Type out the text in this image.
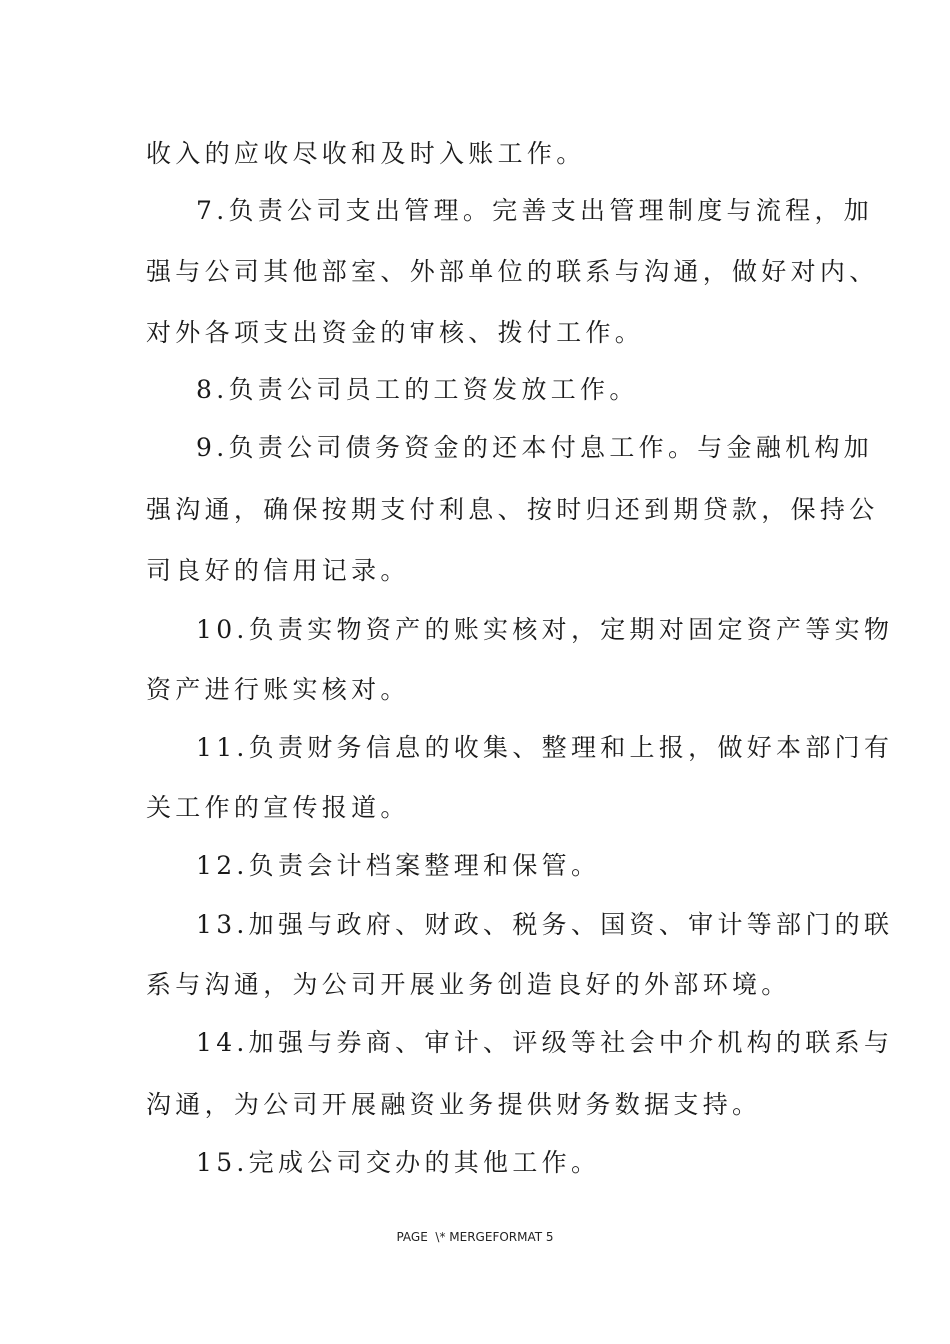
收入的应收尽收和及时入账工作。
7.负责公司支出管理。完善支出管理制度与流程，加
强与公司其他部室、外部单位的联系与沟通，做好对内、
对外各项支出资金的审核、拨付工作。
8.负责公司员工的工资发放工作。
9.负责公司债务资金的还本付息工作。与金融机构加
强沟通，确保按期支付利息、按时归还到期贷款，保持公
司良好的信用记录。
10.负责实物资产的账实核对，定期对固定资产等实物
资产进行账实核对。
11.负责财务信息的收集、整理和上报，做好本部门有
关工作的宣传报道。
12.负责会计档案整理和保管。
13.加强与政府、财政、税务、国资、审计等部门的联
系与沟通，为公司开展业务创造良好的外部环境。
14.加强与券商、审计、评级等社会中介机构的联系与
沟通，为公司开展融资业务提供财务数据支持。
15.完成公司交办的其他工作。
PAGE  \* MERGEFORMAT 5
